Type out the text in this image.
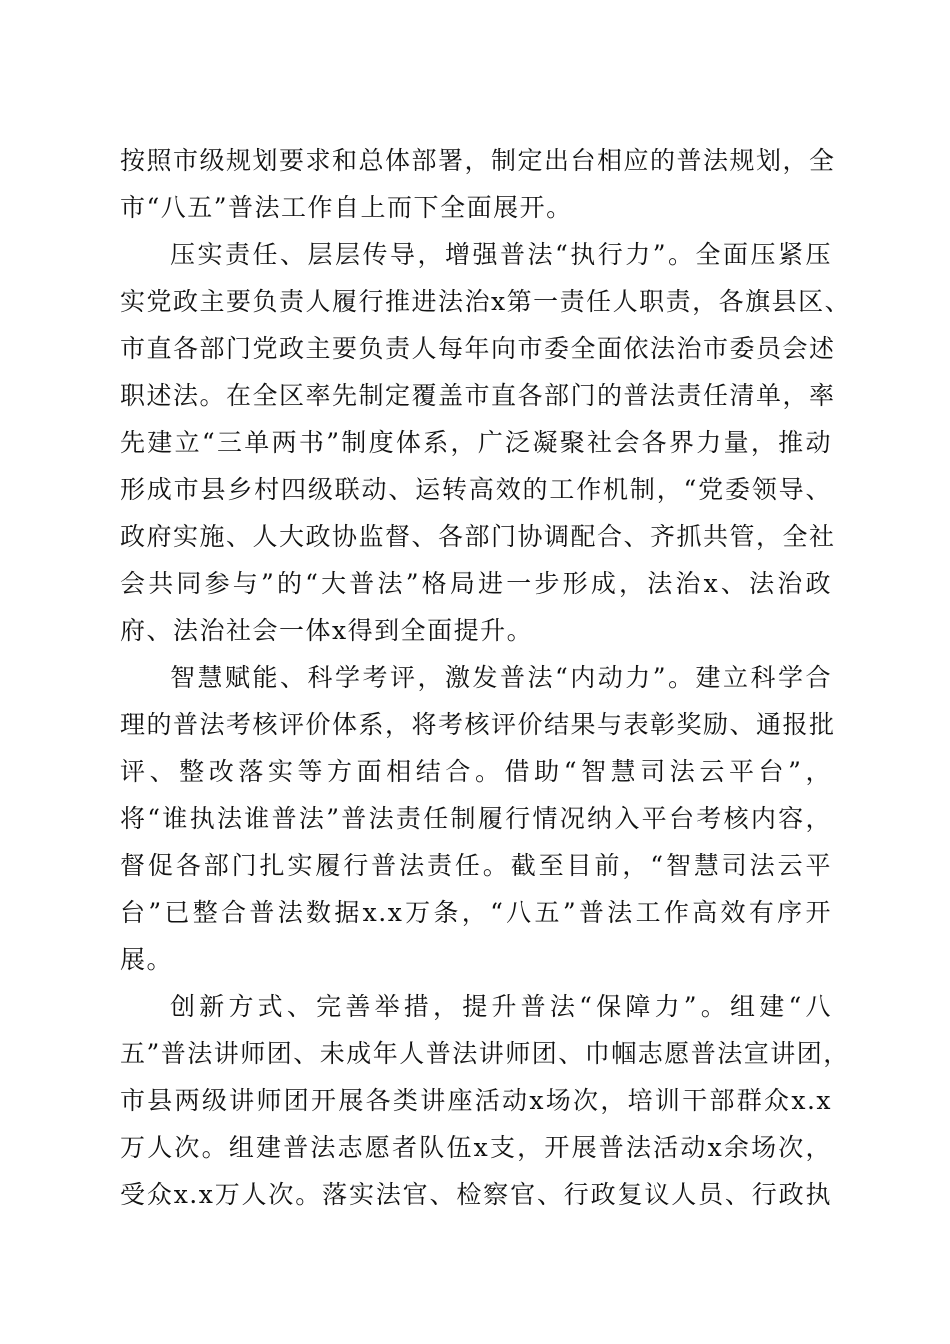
按照市级规划要求和总体部署，制定出台相应的普法规划，全
市“八五”普法工作自上而下全面展开。
压实责任、层层传导，增强普法“执行力”。全面压紧压
实党政主要负责人履行推进法治x第一责任人职责，各旗县区、
市直各部门党政主要负责人每年向市委全面依法治市委员会述
职述法。在全区率先制定覆盖市直各部门的普法责任清单，率
先建立“三单两书”制度体系，广泛凝聚社会各界力量，推动
形成市县乡村四级联动、运转高效的工作机制，“党委领导、
政府实施、人大政协监督、各部门协调配合、齐抓共管，全社
会共同参与”的“大普法”格局进一步形成，法治x、法治政
府、法治社会一体x得到全面提升。
智慧赋能、科学考评，激发普法“内动力”。建立科学合
理的普法考核评价体系，将考核评价结果与表彰奖励、通报批
评、整改落实等方面相结合。借助“智慧司法云平台”，
将“谁执法谁普法”普法责任制履行情况纳入平台考核内容，
督促各部门扎实履行普法责任。截至目前，“智慧司法云平
台”已整合普法数据x.x万条，“八五”普法工作高效有序开
展。
创新方式、完善举措，提升普法“保障力”。组建“八
五”普法讲师团、未成年人普法讲师团、巾帼志愿普法宣讲团，
市县两级讲师团开展各类讲座活动x场次，培训干部群众x.x
万人次。组建普法志愿者队伍x支，开展普法活动x余场次，
受众x.x万人次。落实法官、检察官、行政复议人员、行政执
